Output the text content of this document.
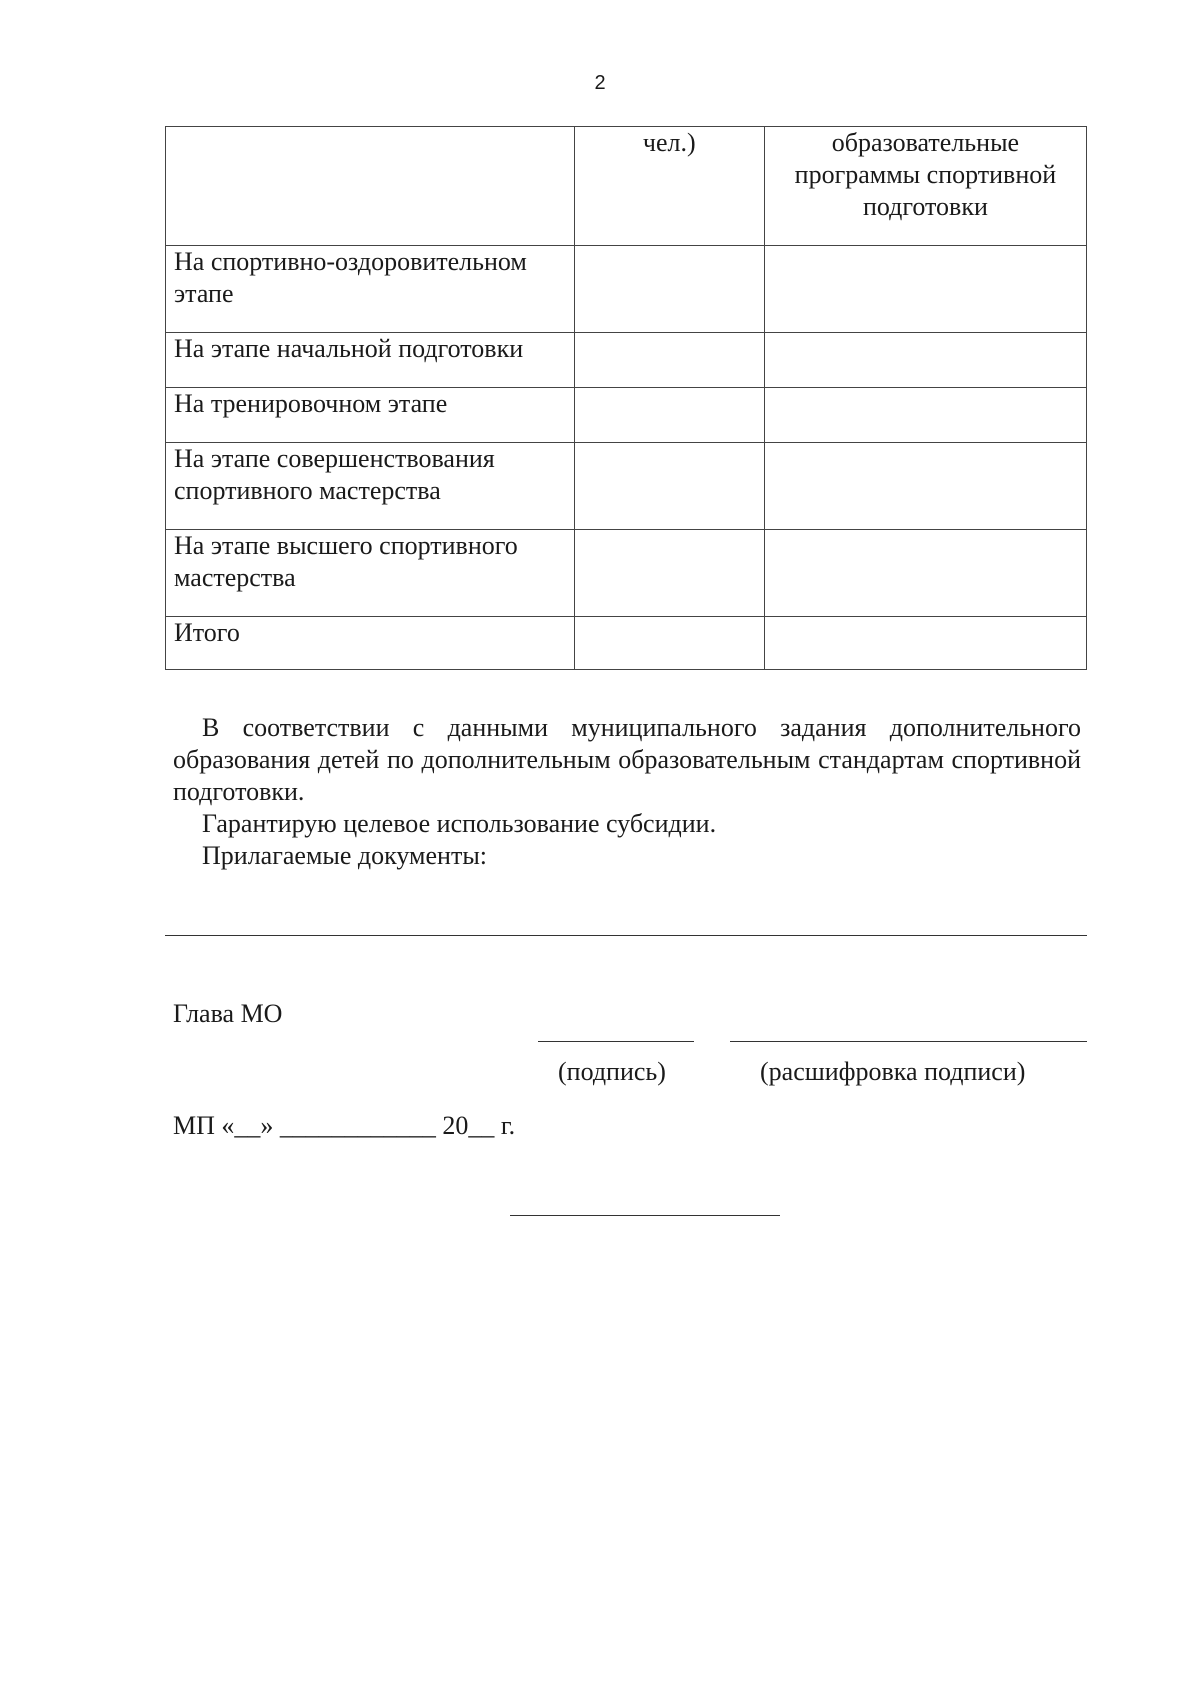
2
	чел.)	образовательные программы спортивной подготовки
На спортивно-оздоровительном этапе		
На этапе начальной подготовки		
На тренировочном этапе		
На этапе совершенствования спортивного мастерства		
На этапе высшего спортивного мастерства		
Итого		
В соответствии с данными муниципального задания дополнительного образования детей по дополнительным образовательным стандартам спортивной подготовки.
Гарантирую целевое использование субсидии.
Прилагаемые документы:
Глава МО
(подпись)	(расшифровка подписи)
МП «__» ____________ 20__ г.
